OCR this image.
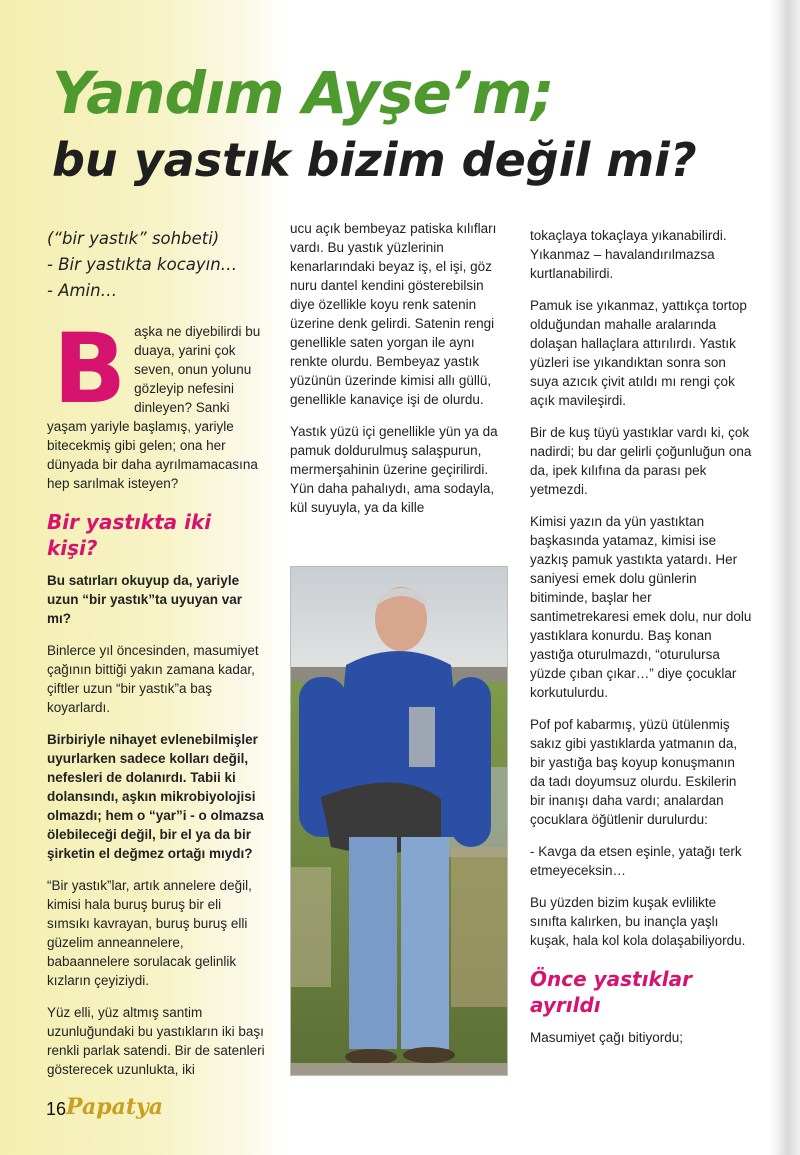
Yandım Ayşe’m;
bu yastık bizim değil mi?
(“bir yastık” sohbeti)
- Bir yastıkta kocayın…
- Amin…

Başka ne diyebilirdi bu duaya, yarini çok seven, onun yolunu gözleyip nefesini dinleyen? Sanki yaşam yariyle başlamış, yariyle bitecekmiş gibi gelen; ona her dünyada bir daha ayrılmamacasına hep sarılmak isteyen?

Bir yastıkta iki kişi?

Bu satırları okuyup da, yariyle uzun “bir yastık”ta uyuyan var mı?

Binlerce yıl öncesinden, masumiyet çağının bittiği yakın zamana kadar, çiftler uzun “bir yastık”a baş koyarlardı.

Birbiriyle nihayet evlenebilmişler uyurlarken sadece kolları değil, nefesleri de dolanırdı. Tabii ki dolansındı, aşkın mikrobiyolojisi olmazdı; hem o “yar”i - o olmazsa ölebileceği değil, bir el ya da bir şirketin el değmez ortağı mıydı?

“Bir yastık”lar, artık annelere değil, kimisi hala buruş buruş bir eli sımsıkı kavrayan, buruş buruş elli güzelim anneannelere, babaannelere sorulacak gelinlik kızların çeyiziydi.

Yüz elli, yüz altmış santim uzunluğundaki bu yastıkların iki başı renkli parlak satendi. Bir de satenleri gösterecek uzunlukta, iki

ucu açık bembeyaz patiska kılıfları vardı. Bu yastık yüzlerinin kenarlarındaki beyaz iş, el işi, göz nuru dantel kendini gösterebilsin diye özellikle koyu renk satenin üzerine denk gelirdi. Satenin rengi genellikle saten yorgan ile aynı renkte olurdu. Bembeyaz yastık yüzünün üzerinde kimisi allı güllü, genellikle kanaviçe işi de olurdu.

Yastık yüzü içi genellikle yün ya da pamuk doldurulmuş salaşpurun, mermerşahinin üzerine geçirilirdi. Yün daha pahalıydı, ama sodayla, kül suyuyla, ya da kille

tokaçlaya tokaçlaya yıkanabilirdi. Yıkanmaz – havalandırılmazsa kurtlanabilirdi.

Pamuk ise yıkanmaz, yattıkça tortop olduğundan mahalle aralarında dolaşan hallaçlara attırılırdı. Yastık yüzleri ise yıkandıktan sonra son suya azıcık çivit atıldı mı rengi çok açık mavileşirdi.

Bir de kuş tüyü yastıklar vardı ki, çok nadirdi; bu dar gelirli çoğunluğun ona da, ipek kılıfına da parası pek yetmezdi.

Kimisi yazın da yün yastıktan başkasında yatamaz, kimisi ise yazkış pamuk yastıkta yatardı. Her saniyesi emek dolu günlerin bitiminde, başlar her santimetrekaresi emek dolu, nur dolu yastıklara konurdu. Baş konan yastığa oturulmazdı, “oturulursa yüzde çıban çıkar…” diye çocuklar korkutulurdu.

Pof pof kabarmış, yüzü ütülenmiş sakız gibi yastıklarda yatmanın da, bir yastığa baş koyup konuşmanın da tadı doyumsuz olurdu. Eskilerin bir inanışı daha vardı; analardan çocuklara öğütlenir durulurdu:

- Kavga da etsen eşinle, yatağı terk etmeyeceksin…

Bu yüzden bizim kuşak evlilikte sınıfta kalırken, bu inançla yaşlı kuşak, hala kol kola dolaşabiliyordu.

Önce yastıklar ayrıldı

Masumiyet çağı bitiyordu;

16 Papatya
